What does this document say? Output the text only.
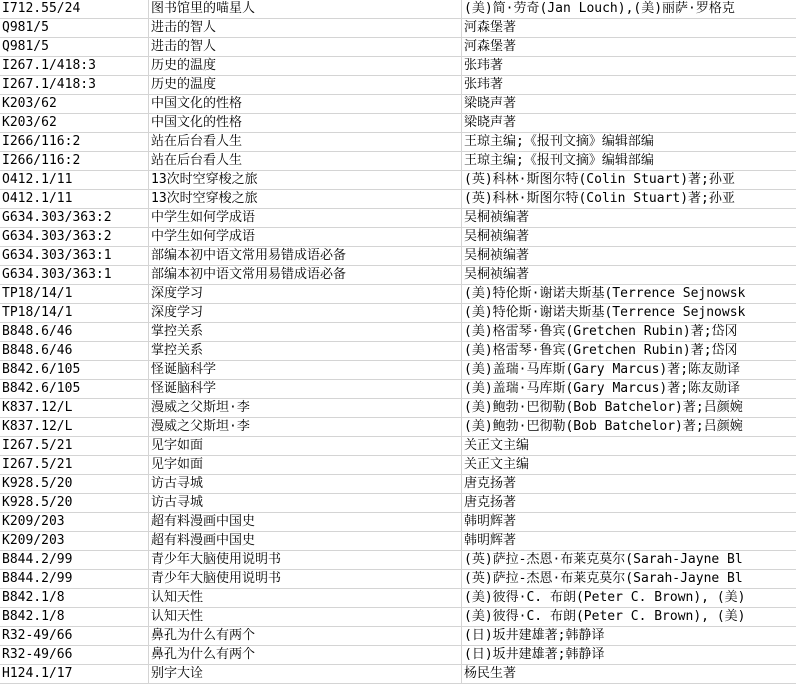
I712.55/24	图书馆里的喵星人	(美)简·劳奇(Jan Louch),(美)丽萨·罗格克
Q981/5	进击的智人	河森堡著
Q981/5	进击的智人	河森堡著
I267.1/418:3	历史的温度	张玮著
I267.1/418:3	历史的温度	张玮著
K203/62	中国文化的性格	梁晓声著
K203/62	中国文化的性格	梁晓声著
I266/116:2	站在后台看人生	王琼主编;《报刊文摘》编辑部编
I266/116:2	站在后台看人生	王琼主编;《报刊文摘》编辑部编
O412.1/11	13次时空穿梭之旅	(英)科林·斯图尔特(Colin Stuart)著;孙亚
O412.1/11	13次时空穿梭之旅	(英)科林·斯图尔特(Colin Stuart)著;孙亚
G634.303/363:2	中学生如何学成语	吴桐祯编著
G634.303/363:2	中学生如何学成语	吴桐祯编著
G634.303/363:1	部编本初中语文常用易错成语必备	吴桐祯编著
G634.303/363:1	部编本初中语文常用易错成语必备	吴桐祯编著
TP18/14/1	深度学习	(美)特伦斯·谢诺夫斯基(Terrence Sejnowsk
TP18/14/1	深度学习	(美)特伦斯·谢诺夫斯基(Terrence Sejnowsk
B848.6/46	掌控关系	(美)格雷琴·鲁宾(Gretchen Rubin)著;岱冈
B848.6/46	掌控关系	(美)格雷琴·鲁宾(Gretchen Rubin)著;岱冈
B842.6/105	怪诞脑科学	(美)盖瑞·马库斯(Gary Marcus)著;陈友勋译
B842.6/105	怪诞脑科学	(美)盖瑞·马库斯(Gary Marcus)著;陈友勋译
K837.12/L	漫威之父斯坦·李	(美)鲍勃·巴彻勒(Bob Batchelor)著;吕颜婉
K837.12/L	漫威之父斯坦·李	(美)鲍勃·巴彻勒(Bob Batchelor)著;吕颜婉
I267.5/21	见字如面	关正文主编
I267.5/21	见字如面	关正文主编
K928.5/20	访古寻城	唐克扬著
K928.5/20	访古寻城	唐克扬著
K209/203	超有料漫画中国史	韩明辉著
K209/203	超有料漫画中国史	韩明辉著
B844.2/99	青少年大脑使用说明书	(英)萨拉-杰恩·布莱克莫尔(Sarah-Jayne Bl
B844.2/99	青少年大脑使用说明书	(英)萨拉-杰恩·布莱克莫尔(Sarah-Jayne Bl
B842.1/8	认知天性	(美)彼得·C. 布朗(Peter C. Brown), (美)
B842.1/8	认知天性	(美)彼得·C. 布朗(Peter C. Brown), (美)
R32-49/66	鼻孔为什么有两个	(日)坂井建雄著;韩静译
R32-49/66	鼻孔为什么有两个	(日)坂井建雄著;韩静译
H124.1/17	别字大诠	杨民生著
